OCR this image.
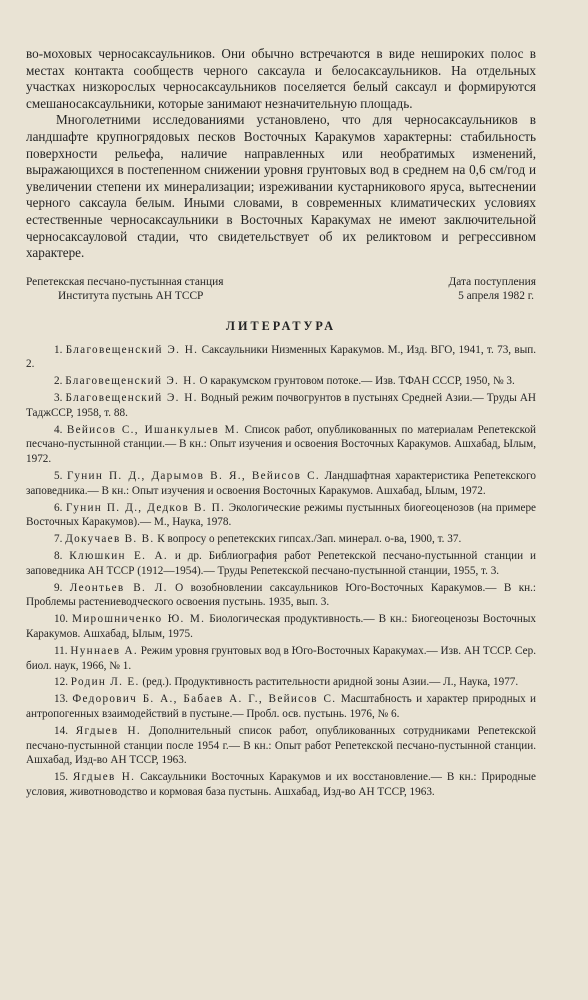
во-моховых черносаксаульников. Они обычно встречаются в виде нешироких полос в местах контакта сообществ черного саксаула и белосаксаульников. На отдельных участках низкорослых черносаксаульников поселяется белый саксаул и формируются смешаносаксаульники, которые занимают незначительную площадь.

Многолетними исследованиями установлено, что для черносаксаульников в ландшафте крупногрядовых песков Восточных Каракумов характерны: стабильность поверхности рельефа, наличие направленных или необратимых изменений, выражающихся в постепенном снижении уровня грунтовых вод в среднем на 0,6 см/год и увеличении степени их минерализации; изреживании кустарникового яруса, вытеснении черного саксаула белым. Иными словами, в современных климатических условиях естественные черносаксаульники в Восточных Каракумах не имеют заключительной черносаксауловой стадии, что свидетельствует об их реликтовом и регрессивном характере.

Репетекская песчано-пустынная станция
Института пустынь АН ТССР
Дата поступления
5 апреля 1982 г.
ЛИТЕРАТУРА
1. Благовещенский Э. Н. Саксаульники Низменных Каракумов. М., Изд. ВГО, 1941, т. 73, вып. 2.
2. Благовещенский Э. Н. О каракумском грунтовом потоке.— Изв. ТФАН СССР, 1950, № 3.
3. Благовещенский Э. Н. Водный режим почвогрунтов в пустынях Средней Азии.— Труды АН ТаджССР, 1958, т. 88.
4. Вейисов С., Ишанкулыев М. Список работ, опубликованных по материалам Репетекской песчано-пустынной станции.— В кн.: Опыт изучения и освоения Восточных Каракумов. Ашхабад, Ылым, 1972.
5. Гунин П. Д., Дарымов В. Я., Вейисов С. Ландшафтная характеристика Репетекского заповедника.— В кн.: Опыт изучения и освоения Восточных Каракумов. Ашхабад, Ылым, 1972.
6. Гунин П. Д., Дедков В. П. Экологические режимы пустынных биогеоценозов (на примере Восточных Каракумов).— М., Наука, 1978.
7. Докучаев В. В. К вопросу о репетекских гипсах./Зап. минерал. о-ва, 1900, т. 37.
8. Клюшкин Е. А. и др. Библиография работ Репетекской песчано-пустынной станции и заповедника АН ТССР (1912—1954).— Труды Репетекской песчано-пустынной станции, 1955, т. 3.
9. Леонтьев В. Л. О возобновлении саксаульников Юго-Восточных Каракумов.— В кн.: Проблемы растениеводческого освоения пустынь. 1935, вып. 3.
10. Мирошниченко Ю. М. Биологическая продуктивность.— В кн.: Биогеоценозы Восточных Каракумов. Ашхабад, Ылым, 1975.
11. Нуннаев А. Режим уровня грунтовых вод в Юго-Восточных Каракумах.— Изв. АН ТССР. Сер. биол. наук, 1966, № 1.
12. Родин Л. Е. (ред.). Продуктивность растительности аридной зоны Азии.— Л., Наука, 1977.
13. Федорович Б. А., Бабаев А. Г., Вейисов С. Масштабность и характер природных и антропогенных взаимодействий в пустыне.— Пробл. осв. пустынь. 1976, № 6.
14. Ягдыев Н. Дополнительный список работ, опубликованных сотрудниками Репетекской песчано-пустынной станции после 1954 г.— В кн.: Опыт работ Репетекской песчано-пустынной станции. Ашхабад, Изд-во АН ТССР, 1963.
15. Ягдыев Н. Саксаульники Восточных Каракумов и их восстановление.— В кн.: Природные условия, животноводство и кормовая база пустынь. Ашхабад, Изд-во АН ТССР, 1963.
